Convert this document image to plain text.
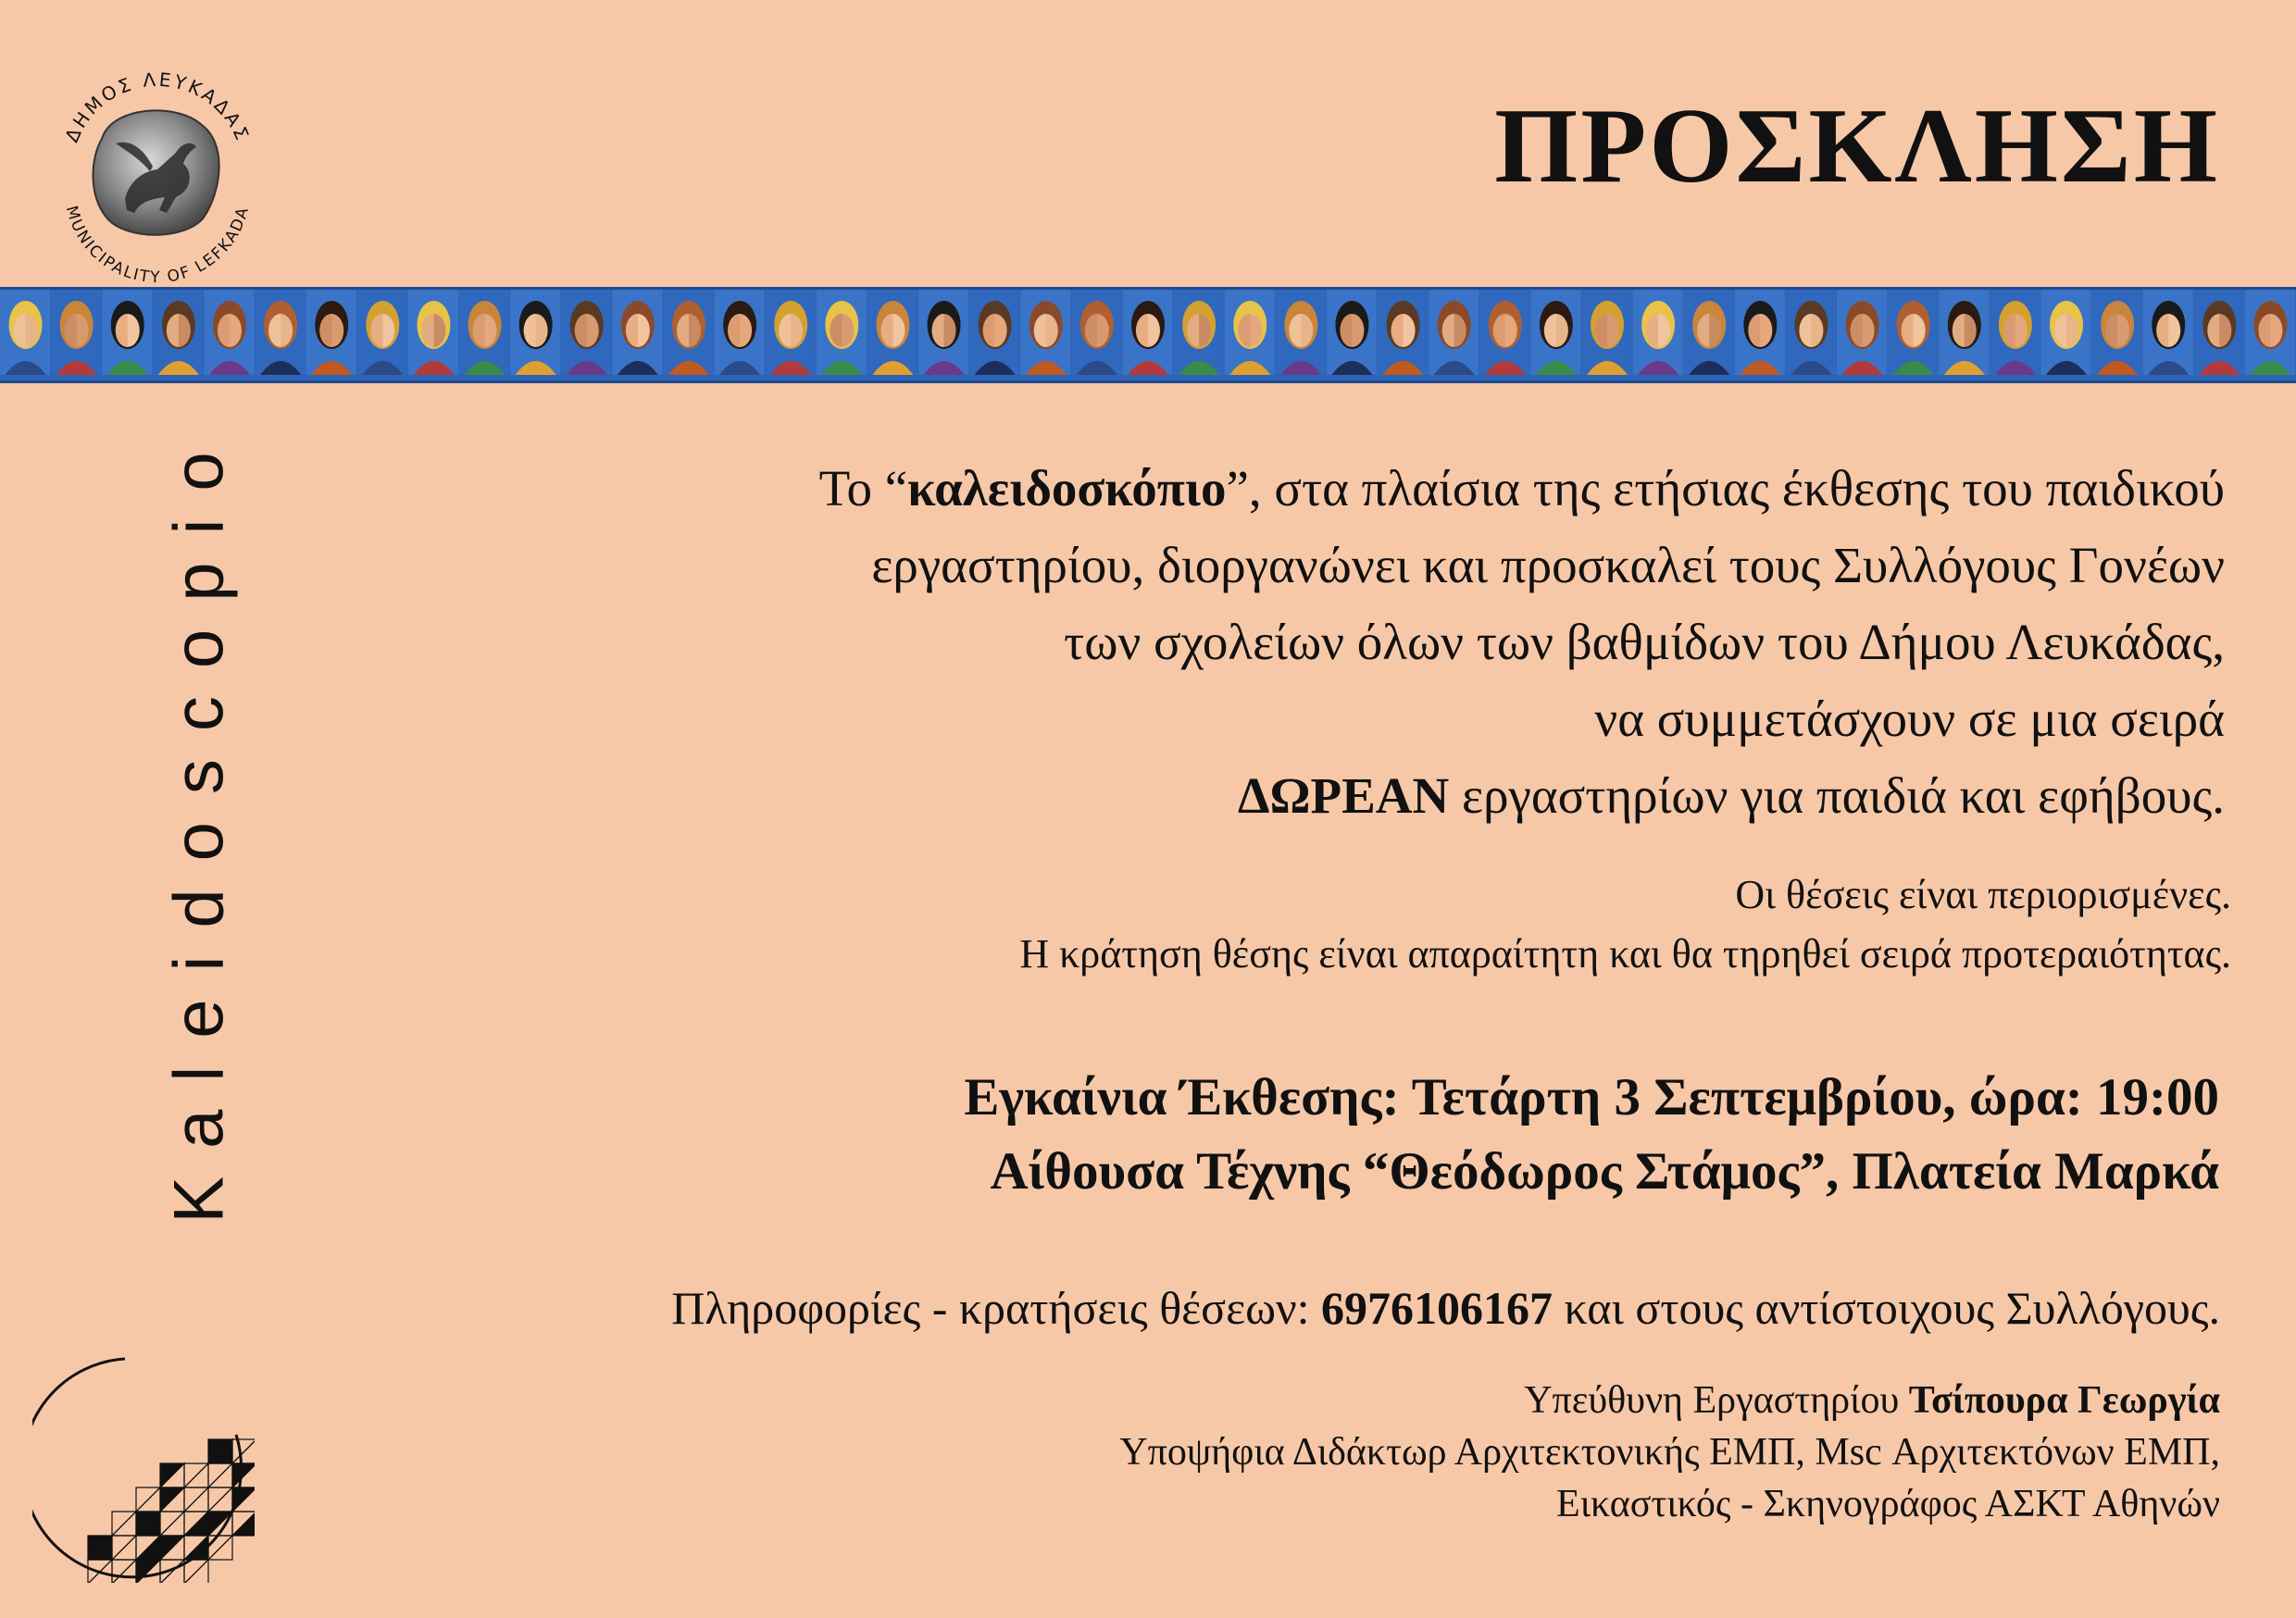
ΔΗΜΟΣ ΛΕΥΚΑΔΑΣ
MUNICIPALITY OF LEFKADA
ΠΡΟΣΚΛΗΣΗ
Kaleidoscopio	Το “καλειδοσκόπιο”, στα πλαίσια της ετήσιας έκθεσης του παιδικού
εργαστηρίου, διοργανώνει και προσκαλεί τους Συλλόγους Γονέων
των σχολείων όλων των βαθμίδων του Δήμου Λευκάδας,
να συμμετάσχουν σε μια σειρά
ΔΩΡΕΑΝ εργαστηρίων για παιδιά και εφήβους.
Οι θέσεις είναι περιορισμένες.
Η κράτηση θέσης είναι απαραίτητη και θα τηρηθεί σειρά προτεραιότητας.
Εγκαίνια Έκθεσης: Τετάρτη 3 Σεπτεμβρίου, ώρα: 19:00
Αίθουσα Τέχνης “Θεόδωρος Στάμος”, Πλατεία Μαρκά
Πληροφορίες - κρατήσεις θέσεων: 6976106167 και στους αντίστοιχους Συλλόγους.
Υπεύθυνη Εργαστηρίου Τσίπουρα Γεωργία
Υποψήφια Διδάκτωρ Αρχιτεκτονικής ΕΜΠ, Msc Αρχιτεκτόνων ΕΜΠ,
Εικαστικός - Σκηνογράφος ΑΣΚΤ Αθηνών
